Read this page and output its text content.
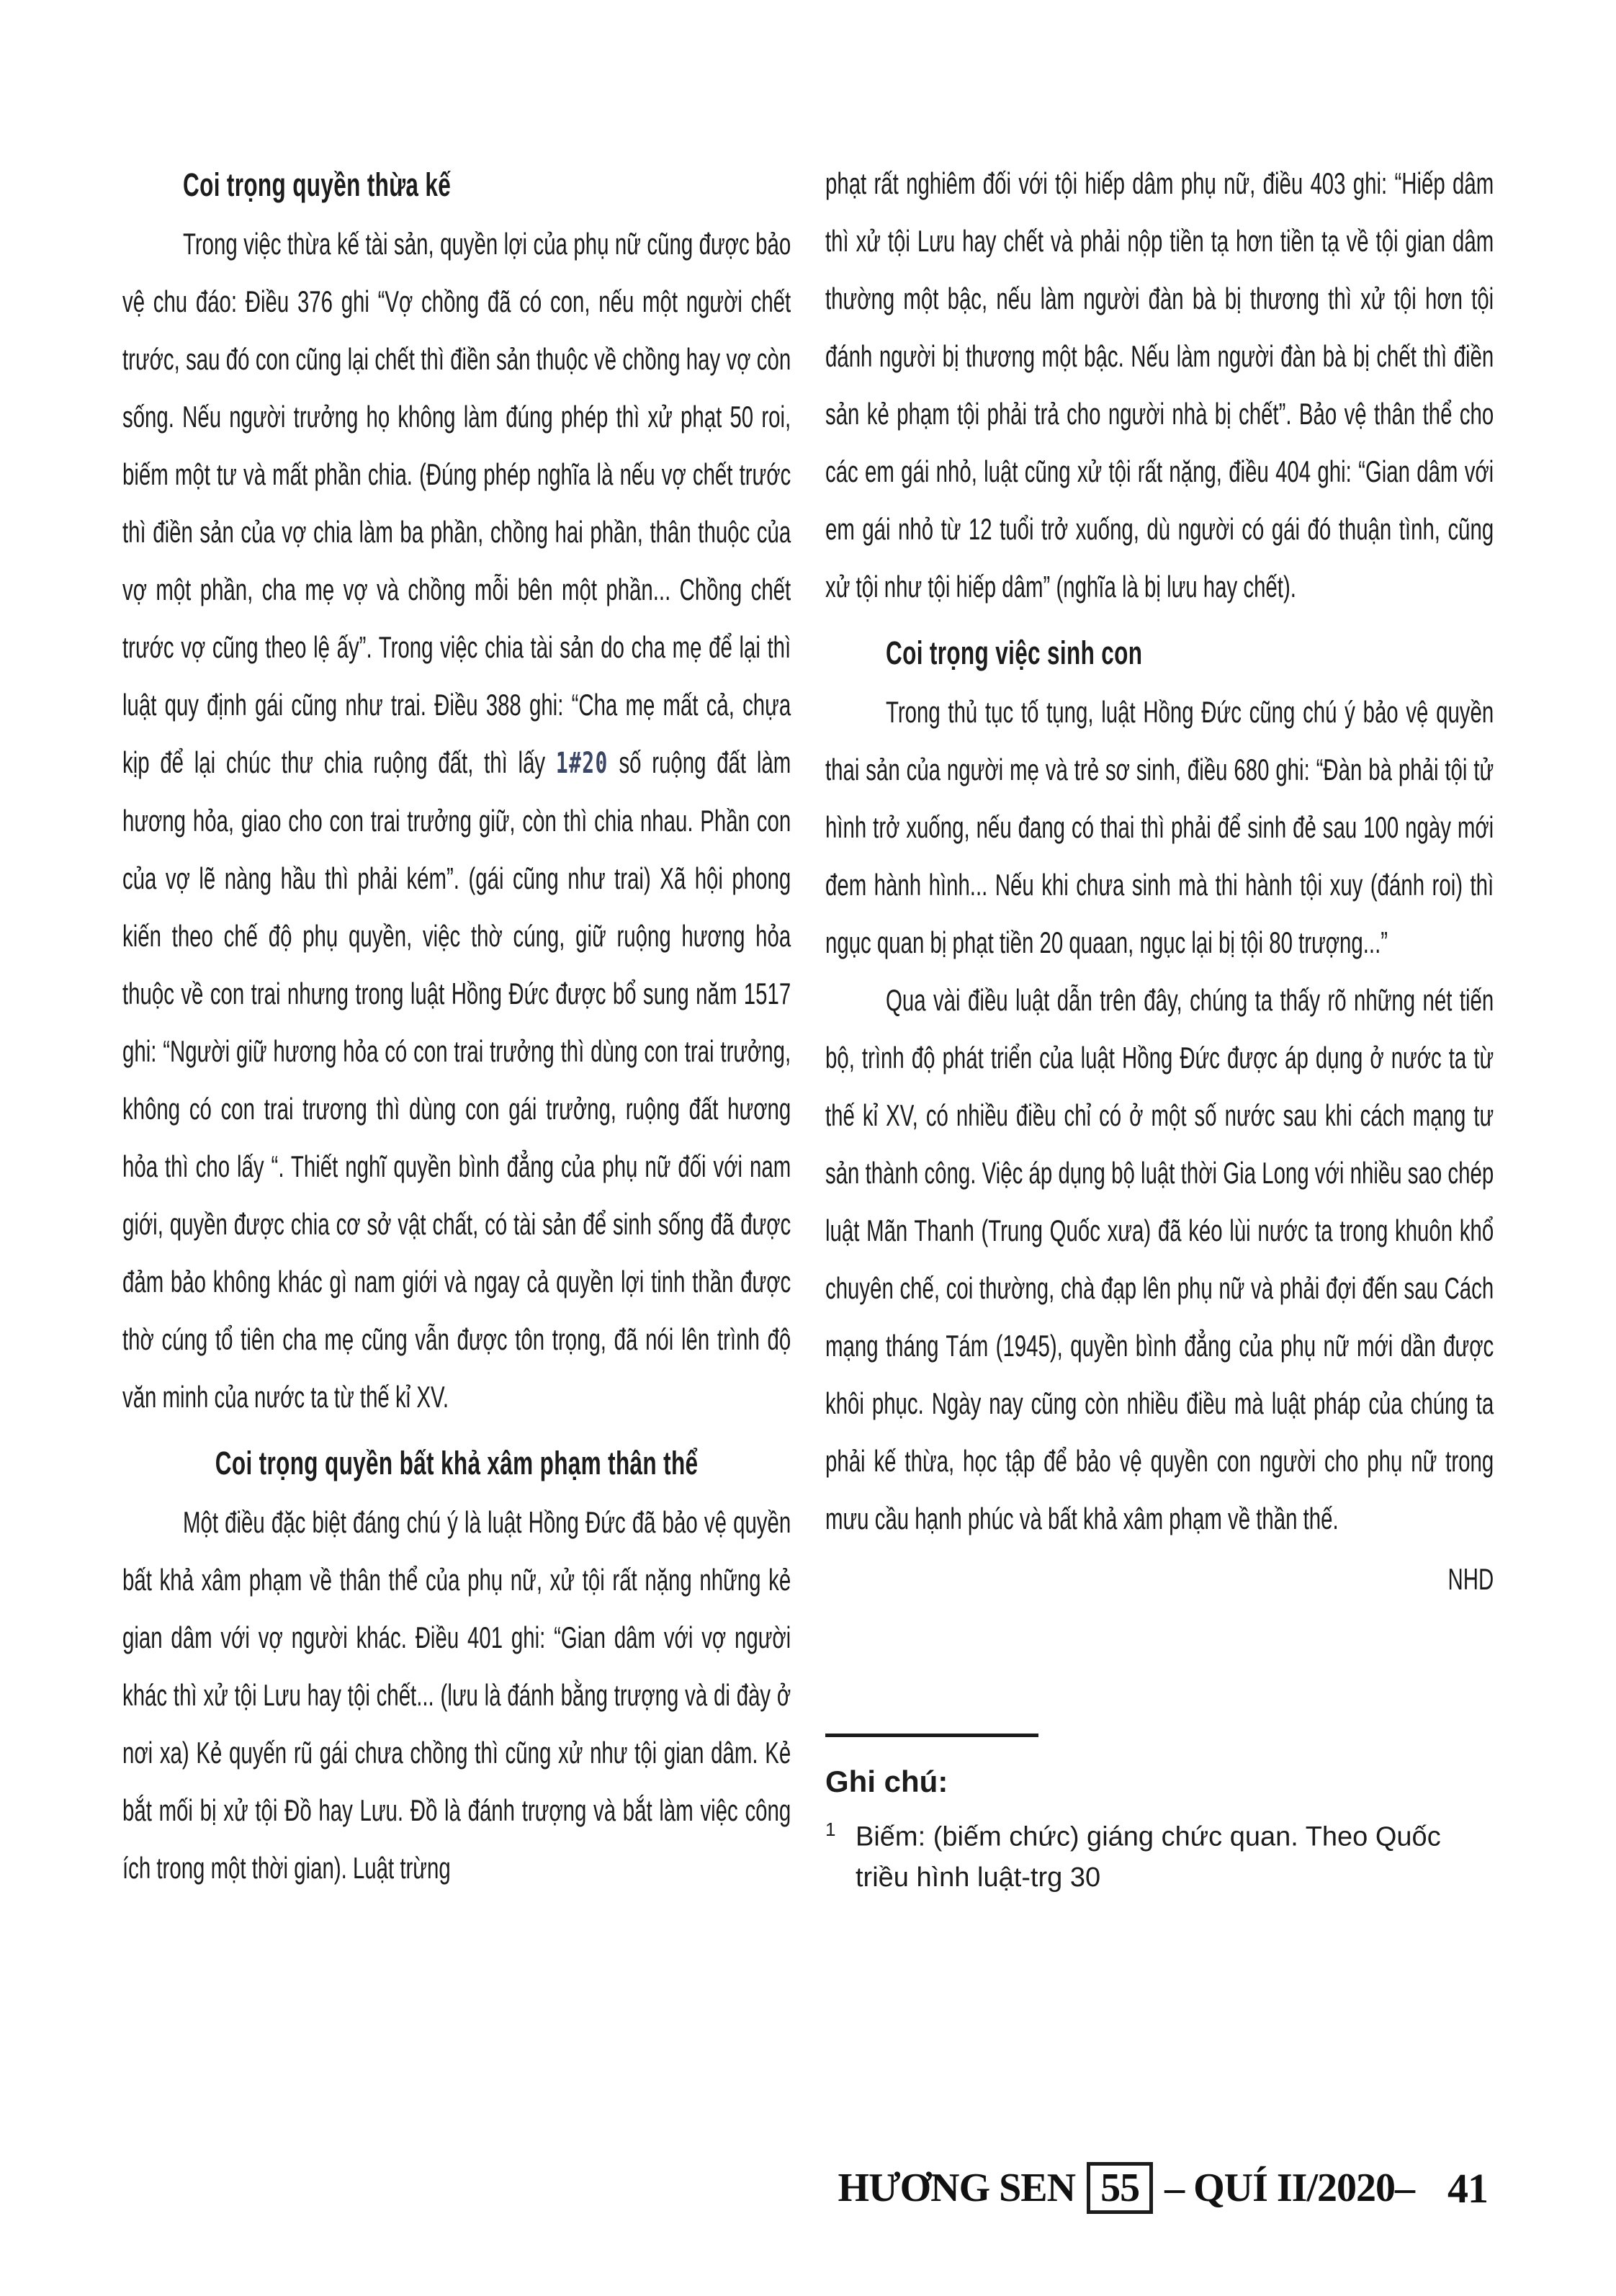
Coi trọng quyền thừa kế

Trong việc thừa kế tài sản, quyền lợi của phụ nữ cũng được bảo vệ chu đáo: Điều 376 ghi “Vợ chồng đã có con, nếu một người chết trước, sau đó con cũng lại chết thì điền sản thuộc về chồng hay vợ còn sống. Nếu người trưởng họ không làm đúng phép thì xử phạt 50 roi, biếm một tư và mất phần chia. (Đúng phép nghĩa là nếu vợ chết trước thì điền sản của vợ chia làm ba phần, chồng hai phần, thân thuộc của vợ một phần, cha mẹ vợ và chồng mỗi bên một phần... Chồng chết trước vợ cũng theo lệ ấy”. Trong việc chia tài sản do cha mẹ để lại thì luật quy định gái cũng như trai. Điều 388 ghi: “Cha mẹ mất cả, chựa kịp để lại chúc thư chia ruộng đất, thì lấy 1#20 số ruộng đất làm hương hỏa, giao cho con trai trưởng giữ, còn thì chia nhau. Phần con của vợ lẽ nàng hầu thì phải kém”. (gái cũng như trai) Xã hội phong kiến theo chế độ phụ quyền, việc thờ cúng, giữ ruộng hương hỏa thuộc về con trai nhưng trong luật Hồng Đức được bổ sung năm 1517 ghi: “Người giữ hương hỏa có con trai trưởng thì dùng con trai trưởng, không có con trai trương thì dùng con gái trưởng, ruộng đất hương hỏa thì cho lấy “. Thiết nghĩ quyền bình đẳng của phụ nữ đối với nam giới, quyền được chia cơ sở vật chất, có tài sản để sinh sống đã được đảm bảo không khác gì nam giới và ngay cả quyền lợi tinh thần được thờ cúng tổ tiên cha mẹ cũng vẫn được tôn trọng, đã nói lên trình độ văn minh của nước ta từ thế kỉ XV.

Coi trọng quyền bất khả xâm phạm thân thể

Một điều đặc biệt đáng chú ý là luật Hồng Đức đã bảo vệ quyền bất khả xâm phạm về thân thể của phụ nữ, xử tội rất nặng những kẻ gian dâm với vợ người khác. Điều 401 ghi: “Gian dâm với vợ người khác thì xử tội Lưu hay tội chết... (lưu là đánh bằng trượng và di đày ở nơi xa) Kẻ quyến rũ gái chưa chồng thì cũng xử như tội gian dâm. Kẻ bắt mối bị xử tội Đồ hay Lưu. Đồ là đánh trượng và bắt làm việc công ích trong một thời gian). Luật trừng

phạt rất nghiêm đối với tội hiếp dâm phụ nữ, điều 403 ghi: “Hiếp dâm thì xử tội Lưu hay chết và phải nộp tiền tạ hơn tiền tạ về tội gian dâm thường một bậc, nếu làm người đàn bà bị thương thì xử tội hơn tội đánh người bị thương một bậc. Nếu làm người đàn bà bị chết thì điền sản kẻ phạm tội phải trả cho người nhà bị chết”. Bảo vệ thân thể cho các em gái nhỏ, luật cũng xử tội rất nặng, điều 404 ghi: “Gian dâm với em gái nhỏ từ 12 tuổi trở xuống, dù người có gái đó thuận tình, cũng xử tội như tội hiếp dâm” (nghĩa là bị lưu hay chết).

Coi trọng việc sinh con

Trong thủ tục tố tụng, luật Hồng Đức cũng chú ý bảo vệ quyền thai sản của người mẹ và trẻ sơ sinh, điều 680 ghi: “Đàn bà phải tội tử hình trở xuống, nếu đang có thai thì phải để sinh đẻ sau 100 ngày mới đem hành hình... Nếu khi chưa sinh mà thi hành tội xuy (đánh roi) thì ngục quan bị phạt tiền 20 quaan, ngục lại bị tội 80 trượng...”

Qua vài điều luật dẫn trên đây, chúng ta thấy rõ những nét tiến bộ, trình độ phát triển của luật Hồng Đức được áp dụng ở nước ta từ thế kỉ XV, có nhiều điều chỉ có ở một số nước sau khi cách mạng tư sản thành công. Việc áp dụng bộ luật thời Gia Long với nhiều sao chép luật Mãn Thanh (Trung Quốc xưa) đã kéo lùi nước ta trong khuôn khổ chuyên chế, coi thường, chà đạp lên phụ nữ và phải đợi đến sau Cách mạng tháng Tám (1945), quyền bình đẳng của phụ nữ mới dần được khôi phục. Ngày nay cũng còn nhiều điều mà luật pháp của chúng ta phải kế thừa, học tập để bảo vệ quyền con người cho phụ nữ trong mưu cầu hạnh phúc và bất khả xâm phạm về thần thế.

NHD

Ghi chú:

$^1$ Biếm: (biếm chức) giáng chức quan. Theo Quốc triều hình luật-trg 30

HƯƠNG SEN 55 – QUÍ II/2020– 41
